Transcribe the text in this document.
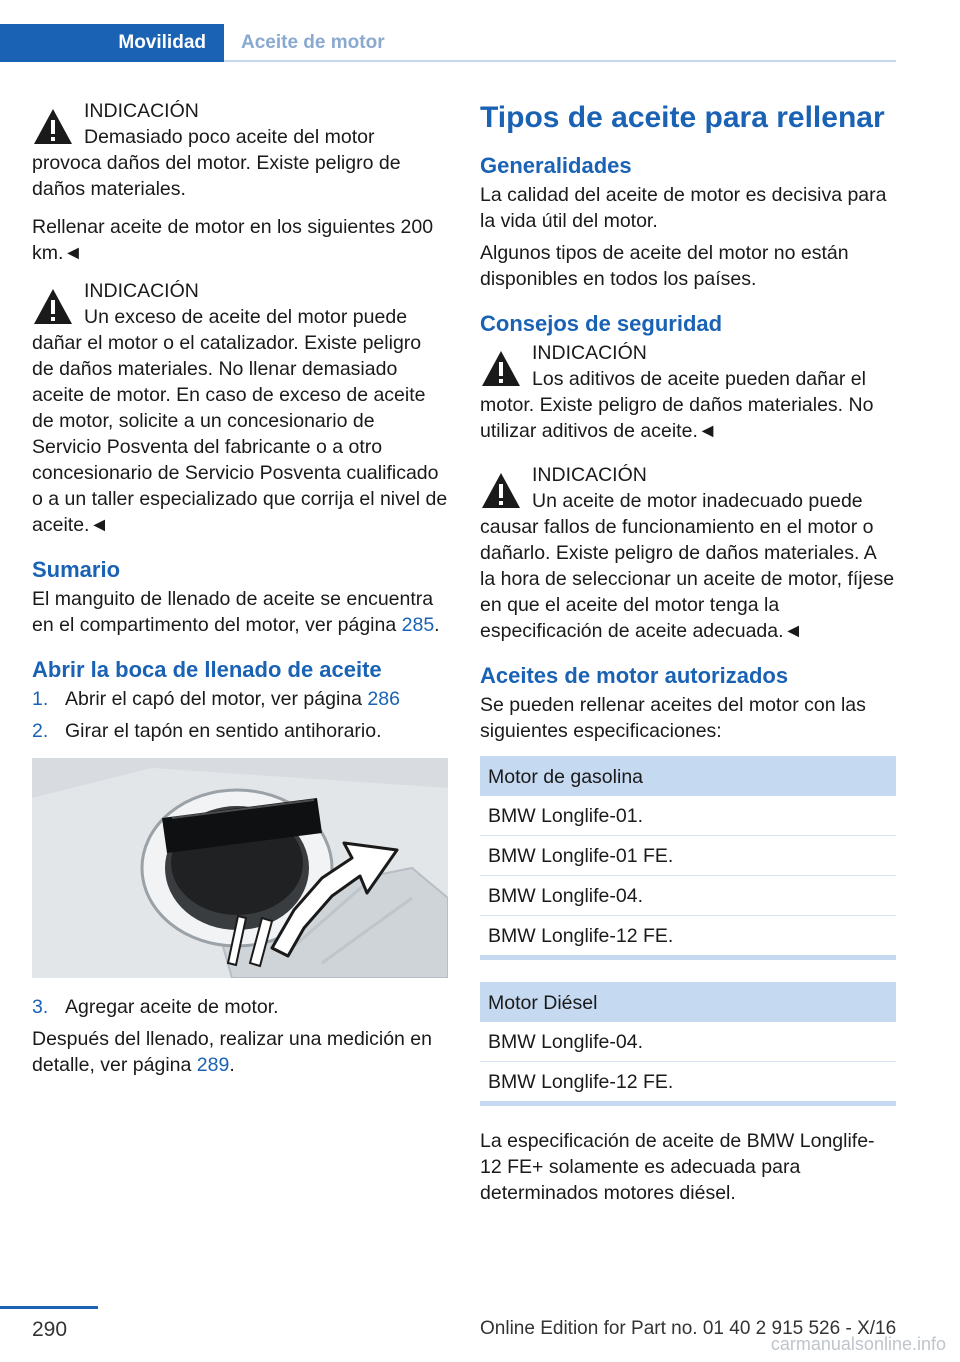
Movilidad	Aceite de motor
INDICACIÓN
Demasiado poco aceite del motor provoca daños del motor. Existe peligro de daños materiales.

Rellenar aceite de motor en los siguientes 200 km.◄

INDICACIÓN
Un exceso de aceite del motor puede dañar el motor o el catalizador. Existe peligro de daños materiales. No llenar demasiado aceite de motor. En caso de exceso de aceite de motor, solicite a un concesionario de Servicio Posventa del fabricante o a otro concesionario de Servicio Posventa cualificado o a un taller especializado que corrija el nivel de aceite.◄
Sumario

El manguito de llenado de aceite se encuentra en el compartimento del motor, ver página 285.

Abrir la boca de llenado de aceite
1. Abrir el capó del motor, ver página 286
2. Girar el tapón en sentido antihorario.
3. Agregar aceite de motor.

Después del llenado, realizar una medición en detalle, ver página 289.

Tipos de aceite para rellenar
Generalidades

La calidad del aceite de motor es decisiva para la vida útil del motor.

Algunos tipos de aceite del motor no están disponibles en todos los países.

Consejos de seguridad
INDICACIÓN
Los aditivos de aceite pueden dañar el motor. Existe peligro de daños materiales. No utilizar aditivos de aceite.◄
INDICACIÓN
Un aceite de motor inadecuado puede causar fallos de funcionamiento en el motor o dañarlo. Existe peligro de daños materiales. A la hora de seleccionar un aceite de motor, fíjese en que el aceite del motor tenga la especificación de aceite adecuada.◄
Aceites de motor autorizados

Se pueden rellenar aceites del motor con las siguientes especificaciones:

Motor de gasolina
BMW Longlife-01.
BMW Longlife-01 FE.
BMW Longlife-04.
BMW Longlife-12 FE.
Motor Diésel
BMW Longlife-04.
BMW Longlife-12 FE.

La especificación de aceite de BMW Longlife-12 FE+ solamente es adecuada para determinados motores diésel.

290	Online Edition for Part no. 01 40 2 915 526 - X/16
carmanualsonline.info
